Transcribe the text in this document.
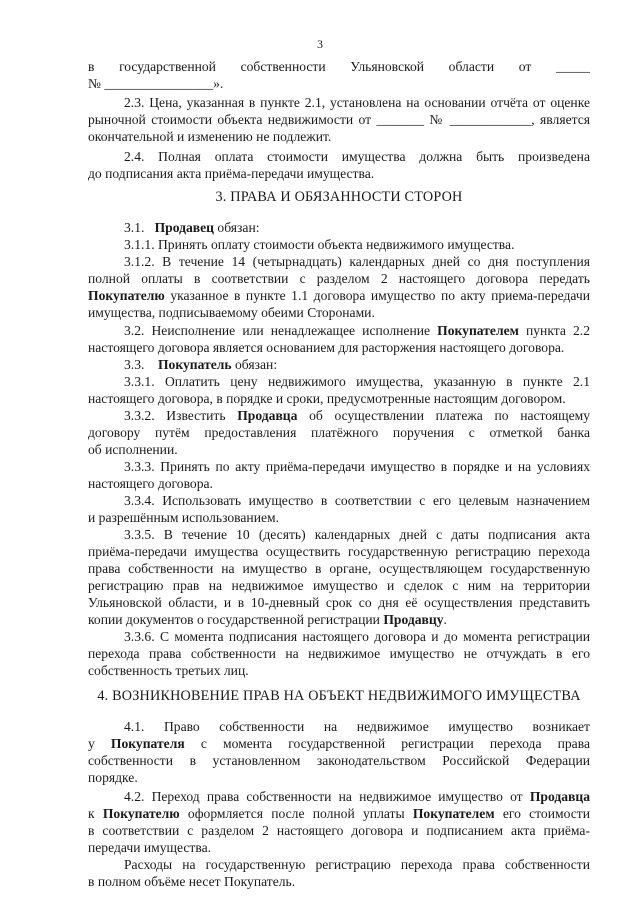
3
в государственной собственности Ульяновской области от _____
№ ________________».
2.3. Цена, указанная в пункте 2.1, установлена на основании отчёта от оценке
рыночной стоимости объекта недвижимости от _______ № ____________, является
окончательной и изменению не подлежит.
2.4. Полная оплата стоимости имущества должна быть произведена
до подписания акта приёма-передачи имущества.
3. ПРАВА И ОБЯЗАННОСТИ СТОРОН
3.1. Продавец обязан:
3.1.1. Принять оплату стоимости объекта недвижимого имущества.
3.1.2. В течение 14 (четырнадцать) календарных дней со дня поступления
полной оплаты в соответствии с разделом 2 настоящего договора передать
Покупателю указанное в пункте 1.1 договора имущество по акту приема-передачи
имущества, подписываемому обеими Сторонами.
3.2. Неисполнение или ненадлежащее исполнение Покупателем пункта 2.2
настоящего договора является основанием для расторжения настоящего договора.
3.3. Покупатель обязан:
3.3.1. Оплатить цену недвижимого имущества, указанную в пункте 2.1
настоящего договора, в порядке и сроки, предусмотренные настоящим договором.
3.3.2. Известить Продавца об осуществлении платежа по настоящему
договору путём предоставления платёжного поручения с отметкой банка
об исполнении.
3.3.3. Принять по акту приёма-передачи имущество в порядке и на условиях
настоящего договора.
3.3.4. Использовать имущество в соответствии с его целевым назначением
и разрешённым использованием.
3.3.5. В течение 10 (десять) календарных дней с даты подписания акта
приёма-передачи имущества осуществить государственную регистрацию перехода
права собственности на имущество в органе, осуществляющем государственную
регистрацию прав на недвижимое имущество и сделок с ним на территории
Ульяновской области, и в 10-дневный срок со дня её осуществления представить
копии документов о государственной регистрации Продавцу.
3.3.6. С момента подписания настоящего договора и до момента регистрации
перехода права собственности на недвижимое имущество не отчуждать в его
собственность третьих лиц.
4. ВОЗНИКНОВЕНИЕ ПРАВ НА ОБЪЕКТ НЕДВИЖИМОГО ИМУЩЕСТВА
4.1. Право собственности на недвижимое имущество возникает
у Покупателя с момента государственной регистрации перехода права
собственности в установленном законодательством Российской Федерации
порядке.
4.2. Переход права собственности на недвижимое имущество от Продавца
к Покупателю оформляется после полной уплаты Покупателем его стоимости
в соответствии с разделом 2 настоящего договора и подписанием акта приёма-
передачи имущества.
Расходы на государственную регистрацию перехода права собственности
в полном объёме несет Покупатель.
